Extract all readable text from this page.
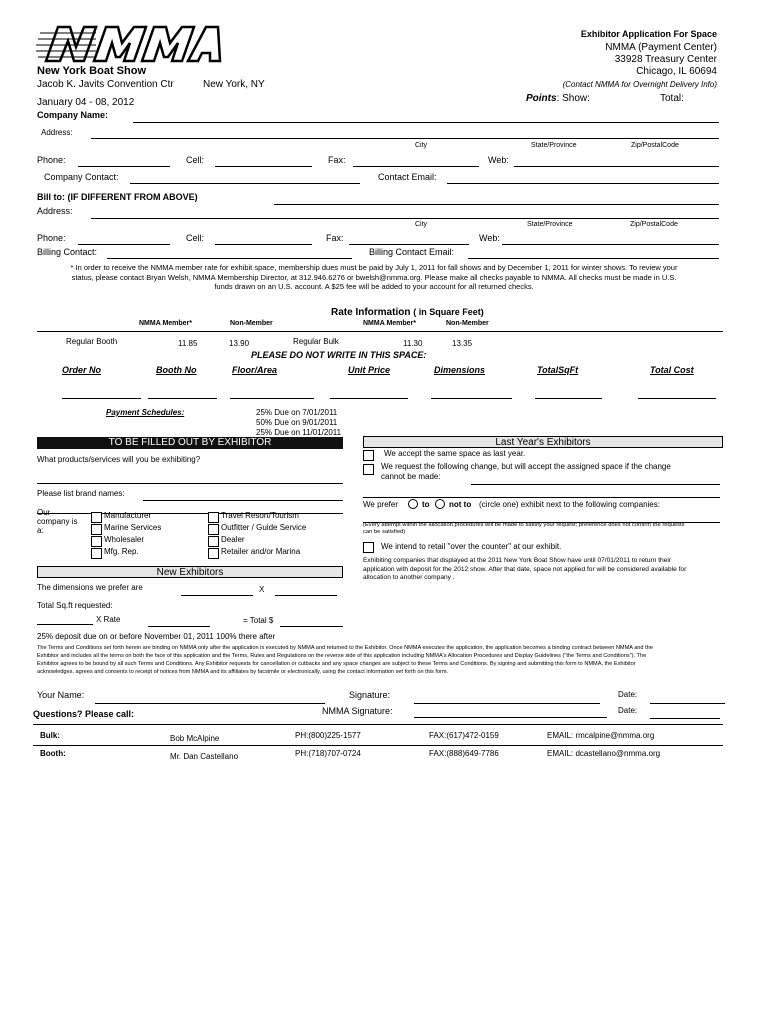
New York Boat Show
Jacob K. Javits Convention Ctr	New York, NY
January 04 - 08, 2012
Exhibitor Application For Space
NMMA (Payment Center)
33928 Treasury Center
Chicago, IL 60694
(Contact NMMA for Overnight Delivery Info)
Points: Show:	Total:
Company Name:
Address:
City	State/Province	Zip/PostalCode
Phone:	Cell:	Fax:	Web:
Company Contact:	Contact Email:
Bill to: (IF DIFFERENT FROM ABOVE)
Address:
City	State/Province	Zip/PostalCode
Phone:	Cell:	Fax:	Web:
Billing Contact:	Billing Contact Email:
* In order to receive the NMMA member rate for exhibit space, membership dues must be paid by July 1, 2011 for fall shows and by December 1, 2011 for winter shows. To review your status, please contact Bryan Welsh, NMMA Membership Director, at 312.946.6276 or bwelsh@nmma.org. Please make all checks payable to NMMA. All checks must be made in U.S. funds drawn on an U.S. account. A $25 fee will be added to your account for all returned checks.
Rate Information ( in Square Feet)
NMMA Member*	Non-Member	NMMA Member*	Non-Member
Regular Booth	11.85	13.90	Regular Bulk	11.30	13.35
PLEASE DO NOT WRITE IN THIS SPACE:
Order No	Booth No	Floor/Area	Unit Price	Dimensions	TotalSqFt	Total Cost
Payment Schedules:	25% Due on 7/01/2011
50% Due on 9/01/2011
25% Due on 11/01/2011
TO BE FILLED OUT BY EXHIBITOR
What products/services will you be exhibiting?
Please list brand names:
Our company is a:
Manufacturer
Marine Services
Wholesaler
Mfg. Rep.
Travel Resort/Tourism
Outfitter / Guide Service
Dealer
Retailer and/or Marina
New Exhibitors
The dimensions we prefer are	X
Total Sq.ft requested:
X Rate	= Total $
25% deposit due on or before November 01, 2011 100% there after
Last Year's Exhibitors
We accept the same space as last year.
We request the following change, but will accept the assigned space if the change cannot be made:
We prefer	to not to (circle one) exhibit next to the following companies:
(Every attempt within the allocation procedures will be made to satisfy your request; preference does not confirm the requests can be satisfied)
We intend to retail "over the counter" at our exhibit.
Exhibiting companies that displayed at the 2011 New York Boat Show have until 07/01/2011 to return their application with deposit for the 2012 show. After that date, space not applied for will be considered available for allocation to another company .
The Terms and Conditions set forth herein are binding on NMMA only after the application is executed by NMMA and returned to the Exhibitor. Once NMMA executes the application, the application becomes a binding contract between NMMA and the Exhibitor and includes all the terms on both the face of this application and the Terms, Rules and Regulations on the reverse side of this application including NMMA's Allocation Procedures and Display Guidelines ("the Terms and Conditions"). The Exhibitor agrees to be bound by all such Terms and Conditions. Any Exhibitor requests for cancellation or cutbacks and any space changes are subject to these Terms and Conditions. By signing and submitting this form to NMMA, the Exhibitor acknowledges, agrees and consents to receipt of notices from NMMA and its affiliates by facsimile or electronically, using the contact information set forth on this form.
Your Name:	Signature:	Date:
Questions? Please call:	NMMA Signature:	Date:
Bulk:	Bob McAlpine	PH:(800)225-1577	FAX:(617)472-0159	EMAIL: rmcalpine@nmma.org
Booth:	Mr. Dan Castellano	PH:(718)707-0724	FAX:(888)649-7786	EMAIL: dcastellano@nmma.org
